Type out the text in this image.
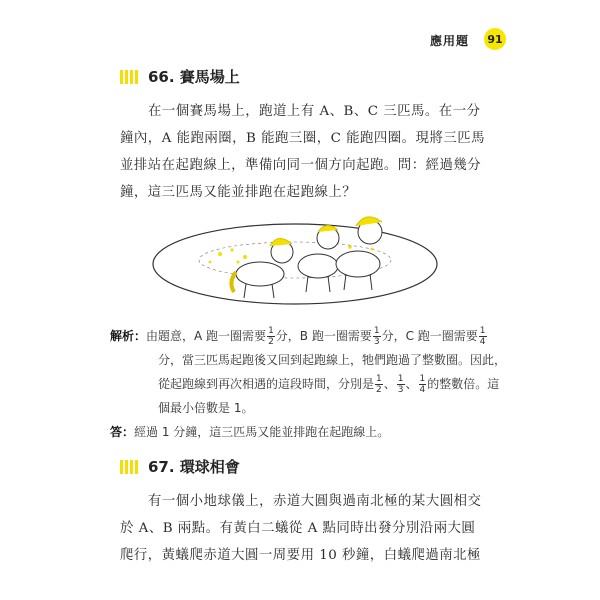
應用題	91
66. 賽馬場上
在一個賽馬場上，跑道上有 A、B、C 三匹馬。在一分
鐘內，A 能跑兩圈，B 能跑三圈，C 能跑四圈。現將三匹馬
並排站在起跑線上，準備向同一個方向起跑。問：經過幾分
鐘，這三匹馬又能並排跑在起跑線上？
解析：由題意，A 跑一圈需要 $\frac{1}{2}$ 分，B 跑一圈需要 $\frac{1}{3}$ 分，C 跑一圈需要 $\frac{1}{4}$
分，當三匹馬起跑後又回到起跑線上，牠們跑過了整數圈。因此，
從起跑線到再次相遇的這段時間，分別是 $\frac{1}{2}$ 、 $\frac{1}{3}$ 、 $\frac{1}{4}$ 的整數倍。這
個最小倍數是 1。
答：經過 1 分鐘，這三匹馬又能並排跑在起跑線上。
67. 環球相會
有一個小地球儀上，赤道大圓與過南北極的某大圓相交
於 A、B 兩點。有黃白二蟻從 A 點同時出發分別沿兩大圓
爬行，黃蟻爬赤道大圓一周要用 10 秒鐘，白蟻爬過南北極
